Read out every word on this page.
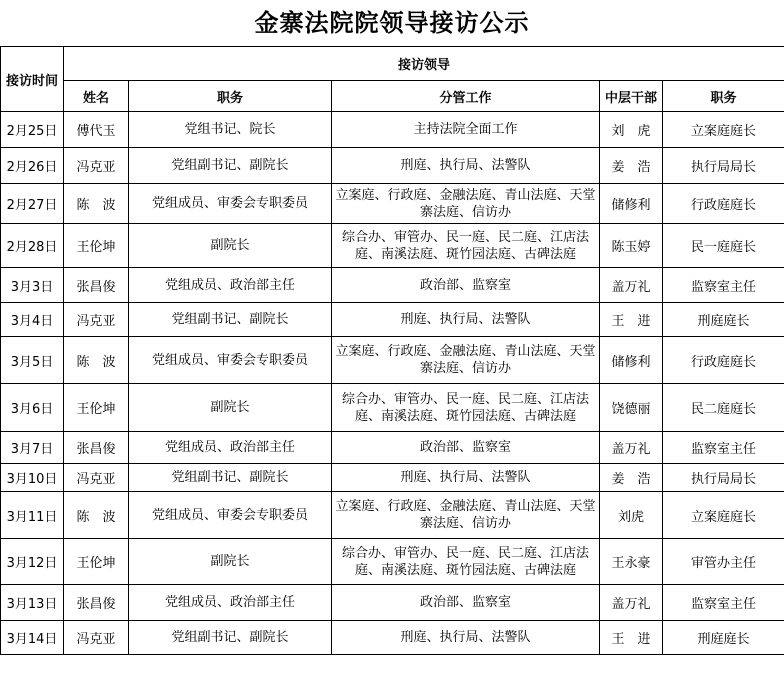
金寨法院院领导接访公示
接访时间	接访领导				
	姓名	职务	分管工作	中层干部	职务
2月25日	傅代玉	党组书记、院长	主持法院全面工作	刘　虎	立案庭庭长
2月26日	冯克亚	党组副书记、副院长	刑庭、执行局、法警队	姜　浩	执行局局长
2月27日	陈　波	党组成员、审委会专职委员	立案庭、行政庭、金融法庭、青山法庭、天堂寨法庭、信访办	储修利	行政庭庭长
2月28日	王伦坤	副院长	综合办、审管办、民一庭、民二庭、江店法庭、南溪法庭、斑竹园法庭、古碑法庭	陈玉婷	民一庭庭长
3月3日	张昌俊	党组成员、政治部主任	政治部、监察室	盖万礼	监察室主任
3月4日	冯克亚	党组副书记、副院长	刑庭、执行局、法警队	王　进	刑庭庭长
3月5日	陈　波	党组成员、审委会专职委员	立案庭、行政庭、金融法庭、青山法庭、天堂寨法庭、信访办	储修利	行政庭庭长
3月6日	王伦坤	副院长	综合办、审管办、民一庭、民二庭、江店法庭、南溪法庭、斑竹园法庭、古碑法庭	饶德丽	民二庭庭长
3月7日	张昌俊	党组成员、政治部主任	政治部、监察室	盖万礼	监察室主任
3月10日	冯克亚	党组副书记、副院长	刑庭、执行局、法警队	姜　浩	执行局局长
3月11日	陈　波	党组成员、审委会专职委员	立案庭、行政庭、金融法庭、青山法庭、天堂寨法庭、信访办	刘虎	立案庭庭长
3月12日	王伦坤	副院长	综合办、审管办、民一庭、民二庭、江店法庭、南溪法庭、斑竹园法庭、古碑法庭	王永豪	审管办主任
3月13日	张昌俊	党组成员、政治部主任	政治部、监察室	盖万礼	监察室主任
3月14日	冯克亚	党组副书记、副院长	刑庭、执行局、法警队	王　进	刑庭庭长
